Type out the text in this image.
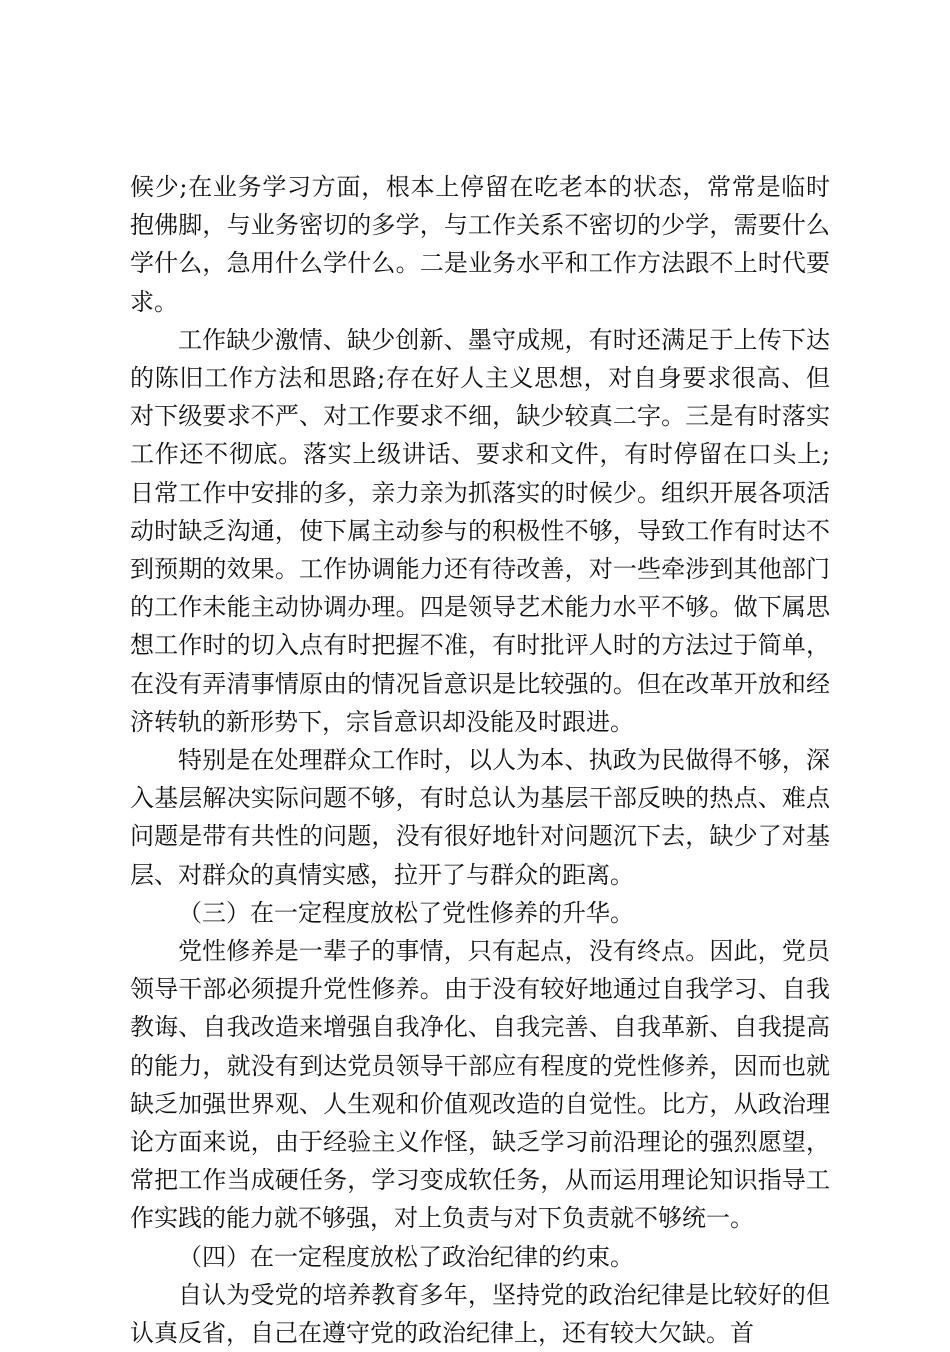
候少;在业务学习方面，根本上停留在吃老本的状态，常常是临时抱佛脚，与业务密切的多学，与工作关系不密切的少学，需要什么学什么，急用什么学什么。二是业务水平和工作方法跟不上时代要求。

工作缺少激情、缺少创新、墨守成规，有时还满足于上传下达的陈旧工作方法和思路;存在好人主义思想，对自身要求很高、但对下级要求不严、对工作要求不细，缺少较真二字。三是有时落实工作还不彻底。落实上级讲话、要求和文件，有时停留在口头上;日常工作中安排的多，亲力亲为抓落实的时候少。组织开展各项活动时缺乏沟通，使下属主动参与的积极性不够，导致工作有时达不到预期的效果。工作协调能力还有待改善，对一些牵涉到其他部门的工作未能主动协调办理。四是领导艺术能力水平不够。做下属思想工作时的切入点有时把握不准，有时批评人时的方法过于简单，在没有弄清事情原由的情况旨意识是比较强的。但在改革开放和经济转轨的新形势下，宗旨意识却没能及时跟进。

特别是在处理群众工作时，以人为本、执政为民做得不够，深入基层解决实际问题不够，有时总认为基层干部反映的热点、难点问题是带有共性的问题，没有很好地针对问题沉下去，缺少了对基层、对群众的真情实感，拉开了与群众的距离。

（三）在一定程度放松了党性修养的升华。

党性修养是一辈子的事情，只有起点，没有终点。因此，党员领导干部必须提升党性修养。由于没有较好地通过自我学习、自我教诲、自我改造来增强自我净化、自我完善、自我革新、自我提高的能力，就没有到达党员领导干部应有程度的党性修养，因而也就缺乏加强世界观、人生观和价值观改造的自觉性。比方，从政治理论方面来说，由于经验主义作怪，缺乏学习前沿理论的强烈愿望，常把工作当成硬任务，学习变成软任务，从而运用理论知识指导工作实践的能力就不够强，对上负责与对下负责就不够统一。

（四）在一定程度放松了政治纪律的约束。

自认为受党的培养教育多年，坚持党的政治纪律是比较好的但认真反省，自己在遵守党的政治纪律上，还有较大欠缺。首
